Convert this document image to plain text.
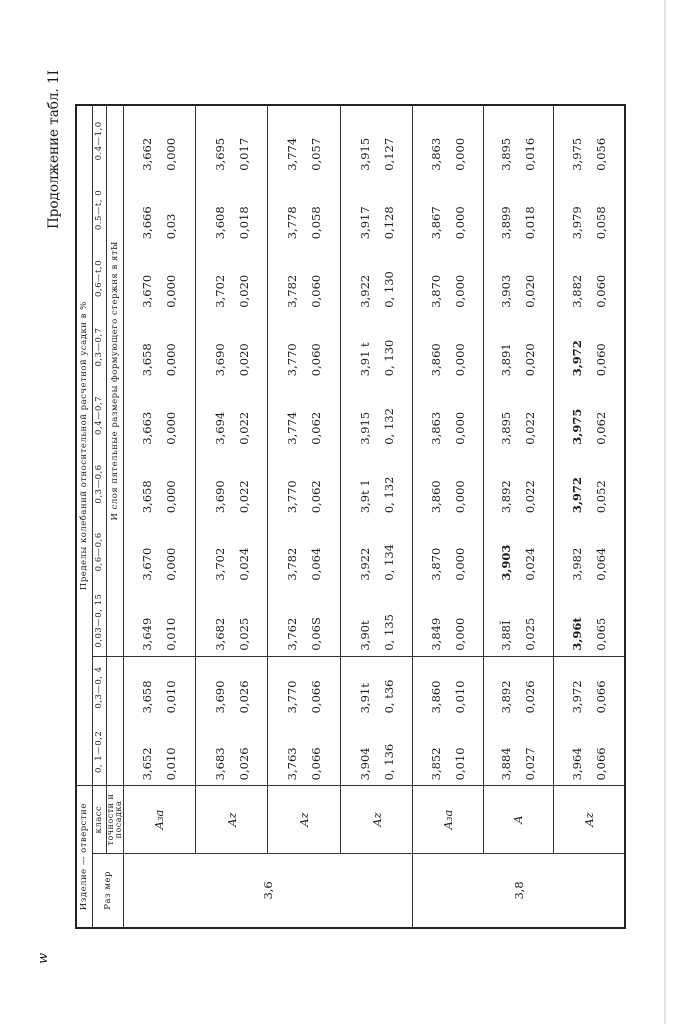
w
Продолжение табл. 1I
Изделие — отверстие		Пределы колебаний относительной расчетной усадки в %									
Раз мер	класс	0, 1—0,2	0,3—0, 4	0,03—0, 15	0,6—0,6	0,3—0,6	0,4—0,7	0,3—0,7	0,6—t,0	0.5—t, 0	0.4—1,0
	точности и посадка			И слоя пятельные размеры формующего стержня в ятЫ							
3,6	A₃a	3,652 0,010	3,658 0,010	3,649 0,010	3,670 0,000	3,658 0,000	3,663 0,000	3,658 0,000	3,670 0,000	3,666 0,03	3,662 0,000
	Az	3,683 0,026	3,690 0,026	3,682 0,025	3,702 0,024	3,690 0,022	3,694 0,022	3,690 0,020	3,702 0,020	3,608 0,018	3,695 0,017
	Az	3,763 0,066	3,770 0,066	3,762 0,06S	3,782 0,064	3,770 0,062	3,774 0,062	3,770 0,060	3,782 0,060	3,778 0,058	3,774 0,057
	Az	3,904 0, 136	3,91t 0, t36	3,90t 0, 135	3,922 0, 134	3,9t 1 0, 132	3,915 0, 132	3,91 t 0, 130	3,922 0, 130	3,917 0,128	3,915 0,127
3,8	A₃a	3,852 0,010	3,860 0,010	3,849 0,000	3,870 0,000	3,860 0,000	3,863 0,000	3,860 0,000	3,870 0,000	3,867 0,000	3,863 0,000
	A	3,884 0,027	3,892 0,026	3,88Ĭ 0,025	3,903 0,024	3,892 0,022	3,895 0,022	3,891 0,020	3,903 0,020	3,899 0,018	3,895 0,016
	Az	3,964 0,066	3,972 0,066	3,96t 0,065	3,982 0,064	3,972 0,052	3,975 0,062	3,972 0,060	3,882 0,060	3,979 0,058	3,975 0,056
